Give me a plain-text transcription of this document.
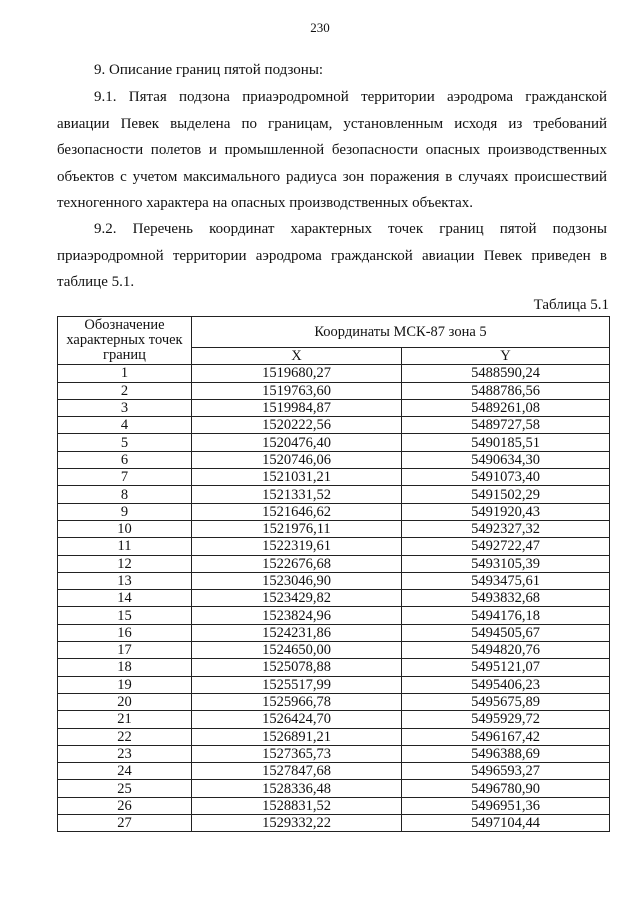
230
9. Описание границ пятой подзоны:

9.1. Пятая подзона приаэродромной территории аэродрома гражданской авиации Певек выделена по границам, установленным исходя из требований безопасности полетов и промышленной безопасности опасных производственных объектов с учетом максимального радиуса зон поражения в случаях происшествий техногенного характера на опасных производственных объектах.

9.2. Перечень координат характерных точек границ пятой подзоны приаэродромной территории аэродрома гражданской авиации Певек приведен в таблице 5.1.

Таблица 5.1
Обозначение характерных точек границ	Координаты МСК-87 зона 5	
	X	Y
1	1519680,27	5488590,24
2	1519763,60	5488786,56
3	1519984,87	5489261,08
4	1520222,56	5489727,58
5	1520476,40	5490185,51
6	1520746,06	5490634,30
7	1521031,21	5491073,40
8	1521331,52	5491502,29
9	1521646,62	5491920,43
10	1521976,11	5492327,32
11	1522319,61	5492722,47
12	1522676,68	5493105,39
13	1523046,90	5493475,61
14	1523429,82	5493832,68
15	1523824,96	5494176,18
16	1524231,86	5494505,67
17	1524650,00	5494820,76
18	1525078,88	5495121,07
19	1525517,99	5495406,23
20	1525966,78	5495675,89
21	1526424,70	5495929,72
22	1526891,21	5496167,42
23	1527365,73	5496388,69
24	1527847,68	5496593,27
25	1528336,48	5496780,90
26	1528831,52	5496951,36
27	1529332,22	5497104,44
